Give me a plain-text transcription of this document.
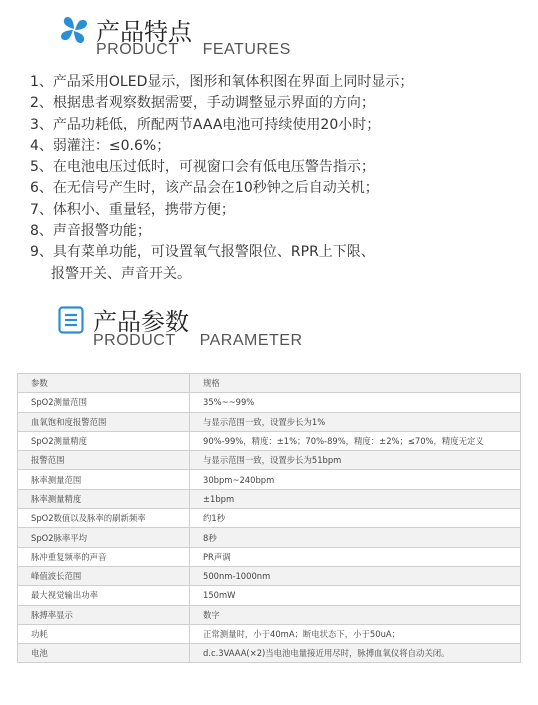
产品特点
PRODUCT FEATURES
1、产品采用OLED显示，图形和氧体积图在界面上同时显示；
2、根据患者观察数据需要，手动调整显示界面的方向；
3、产品功耗低，所配两节AAA电池可持续使用20小时；
4、弱灌注：≤0.6%；
5、在电池电压过低时，可视窗口会有低电压警告指示；
6、在无信号产生时，该产品会在10秒钟之后自动关机；
7、体积小、重量轻，携带方便；
8、声音报警功能；
9、具有菜单功能，可设置氧气报警限位、RPR上下限、
报警开关、声音开关。
产品参数
PRODUCT PARAMETER
参数	规格
SpO2测量范围	35%~~99%
血氧饱和度报警范围	与显示范围一致，设置步长为1%
SpO2测量精度	90%-99%，精度：±1%；70%-89%，精度：±2%；≤70%，精度无定义
报警范围	与显示范围一致，设置步长为51bpm
脉率测量范围	30bpm~240bpm
脉率测量精度	±1bpm
SpO2数值以及脉率的刷新频率	约1秒
SpO2脉率平均	8秒
脉冲重复频率的声音	PR声调
峰值波长范围	500nm-1000nm
最大视觉输出功率	150mW
脉搏率显示	数字
功耗	正常测量时，小于40mA；断电状态下，小于50uA；
电池	d.c.3VAAA(×2)当电池电量接近用尽时，脉搏血氧仪将自动关闭。
